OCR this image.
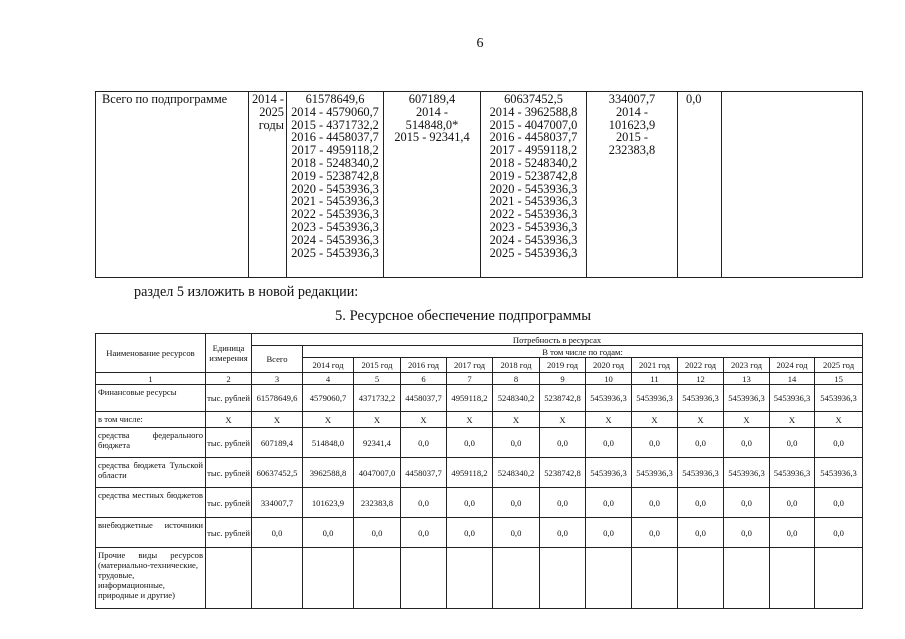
6
Всего по подпрограмме	2014 -
2025
годы

61578649,6
2014 - 4579060,7
2015 - 4371732,2
2016 - 4458037,7
2017 - 4959118,2
2018 - 5248340,2
2019 - 5238742,8
2020 - 5453936,3
2021 - 5453936,3
2022 - 5453936,3
2023 - 5453936,3
2024 - 5453936,3
2025 - 5453936,3

607189,4
2014 -
514848,0*
2015 - 92341,4

60637452,5
2014 - 3962588,8
2015 - 4047007,0
2016 - 4458037,7
2017 - 4959118,2
2018 - 5248340,2
2019 - 5238742,8
2020 - 5453936,3
2021 - 5453936,3
2022 - 5453936,3
2023 - 5453936,3
2024 - 5453936,3
2025 - 5453936,3

334007,7
2014 -
101623,9
2015 -
232383,8
	0,0	
раздел 5 изложить в новой редакции:
5. Ресурсное обеспечение подпрограммы
Наименование ресурсов	Единица измерения	Потребность в ресурсах												
		Всего	В том числе по годам:											
			2014 год	2015 год	2016 год	2017 год	2018 год	2019 год	2020 год	2021 год	2022 год	2023 год	2024 год	2025 год
1	2	3	4	5	6	7	8	9	10	11	12	13	14	15
Финансовые ресурсы	тыс. рублей	61578649,6	4579060,7	4371732,2	4458037,7	4959118,2	5248340,2	5238742,8	5453936,3	5453936,3	5453936,3	5453936,3	5453936,3	5453936,3
в том числе:	Х	Х	Х	Х	Х	Х	Х	Х	Х	Х	Х	Х	Х	Х
средства федерального бюджета	тыс. рублей	607189,4	514848,0	92341,4	0,0	0,0	0,0	0,0	0,0	0,0	0,0	0,0	0,0	0,0
средства бюджета Тульской области	тыс. рублей	60637452,5	3962588,8	4047007,0	4458037,7	4959118,2	5248340,2	5238742,8	5453936,3	5453936,3	5453936,3	5453936,3	5453936,3	5453936,3
средства местных бюджетов	тыс. рублей	334007,7	101623,9	232383,8	0,0	0,0	0,0	0,0	0,0	0,0	0,0	0,0	0,0	0,0
внебюджетные источники	тыс. рублей	0,0	0,0	0,0	0,0	0,0	0,0	0,0	0,0	0,0	0,0	0,0	0,0	0,0
Прочие виды ресурсов (материально-технические, трудовые, информационные, природные и другие)														
